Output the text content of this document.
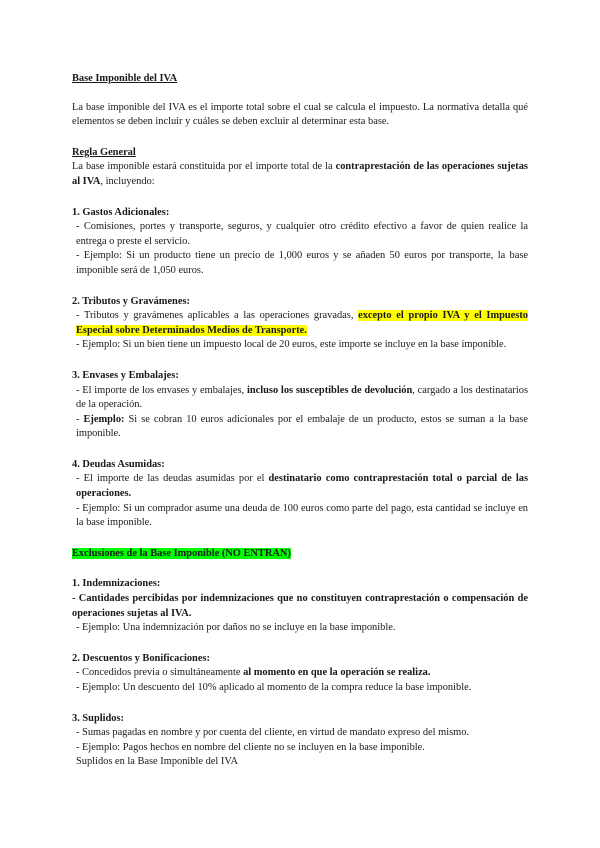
Base Imponible del IVA

La base imponible del IVA es el importe total sobre el cual se calcula el impuesto. La normativa detalla qué elementos se deben incluir y cuáles se deben excluir al determinar esta base.

Regla General

La base imponible estará constituida por el importe total de la contraprestación de las operaciones sujetas al IVA, incluyendo:

1. Gastos Adicionales:

- Comisiones, portes y transporte, seguros, y cualquier otro crédito efectivo a favor de quien realice la entrega o preste el servicio.

- Ejemplo: Si un producto tiene un precio de 1,000 euros y se añaden 50 euros por transporte, la base imponible será de 1,050 euros.

2. Tributos y Gravámenes:

- Tributos y gravámenes aplicables a las operaciones gravadas, excepto el propio IVA y el Impuesto Especial sobre Determinados Medios de Transporte.

- Ejemplo: Si un bien tiene un impuesto local de 20 euros, este importe se incluye en la base imponible.

3. Envases y Embalajes:

- El importe de los envases y embalajes, incluso los susceptibles de devolución, cargado a los destinatarios de la operación.

- Ejemplo: Si se cobran 10 euros adicionales por el embalaje de un producto, estos se suman a la base imponible.

4. Deudas Asumidas:

- El importe de las deudas asumidas por el destinatario como contraprestación total o parcial de las operaciones.

- Ejemplo: Si un comprador asume una deuda de 100 euros como parte del pago, esta cantidad se incluye en la base imponible.

Exclusiones de la Base Imponible (NO ENTRAN)

1. Indemnizaciones:

- Cantidades percibidas por indemnizaciones que no constituyen contraprestación o compensación de operaciones sujetas al IVA.

- Ejemplo: Una indemnización por daños no se incluye en la base imponible.

2. Descuentos y Bonificaciones:

- Concedidos previa o simultáneamente al momento en que la operación se realiza.

- Ejemplo: Un descuento del 10% aplicado al momento de la compra reduce la base imponible.

3. Suplidos:

- Sumas pagadas en nombre y por cuenta del cliente, en virtud de mandato expreso del mismo.

- Ejemplo: Pagos hechos en nombre del cliente no se incluyen en la base imponible.

Suplidos en la Base Imponible del IVA
